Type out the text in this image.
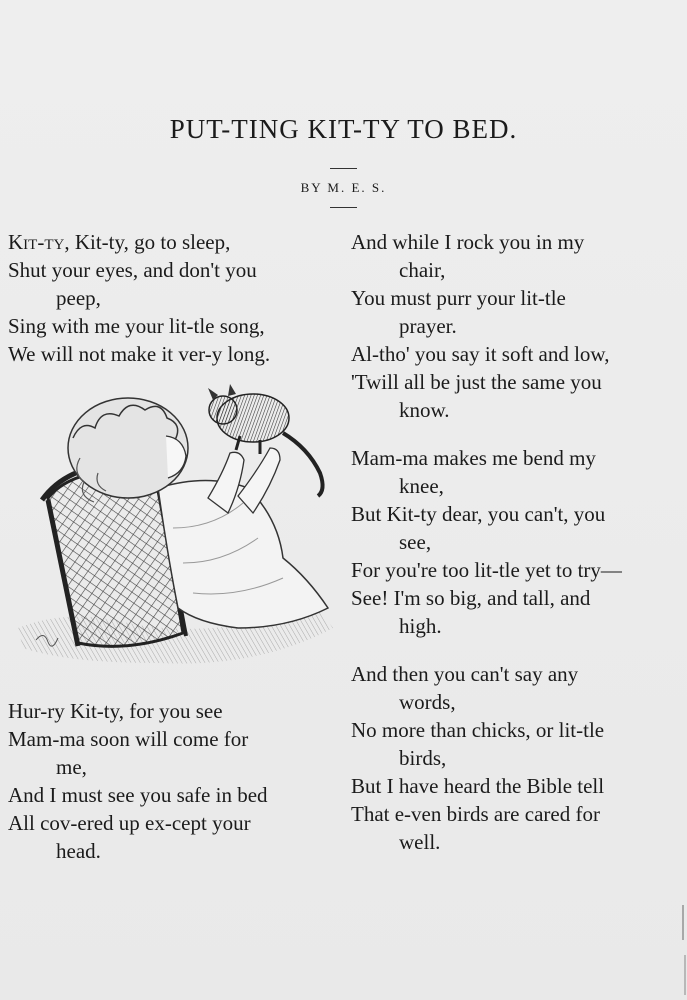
PUT-TING KIT-TY TO BED.
BY M. E. S.
Kit-ty, Kit-ty, go to sleep,
Shut your eyes, and don't you
peep,
Sing with me your lit-tle song,
We will not make it ver-y long.
Hur-ry Kit-ty, for you see
Mam-ma soon will come for
me,
And I must see you safe in bed
All cov-ered up ex-cept your
head.
And while I rock you in my
chair,
You must purr your lit-tle
prayer.
Al-tho' you say it soft and low,
'Twill all be just the same you
know.
Mam-ma makes me bend my
knee,
But Kit-ty dear, you can't, you
see,
For you're too lit-tle yet to try—
See! I'm so big, and tall, and
high.
And then you can't say any
words,
No more than chicks, or lit-tle
birds,
But I have heard the Bible tell
That e-ven birds are cared for
well.
